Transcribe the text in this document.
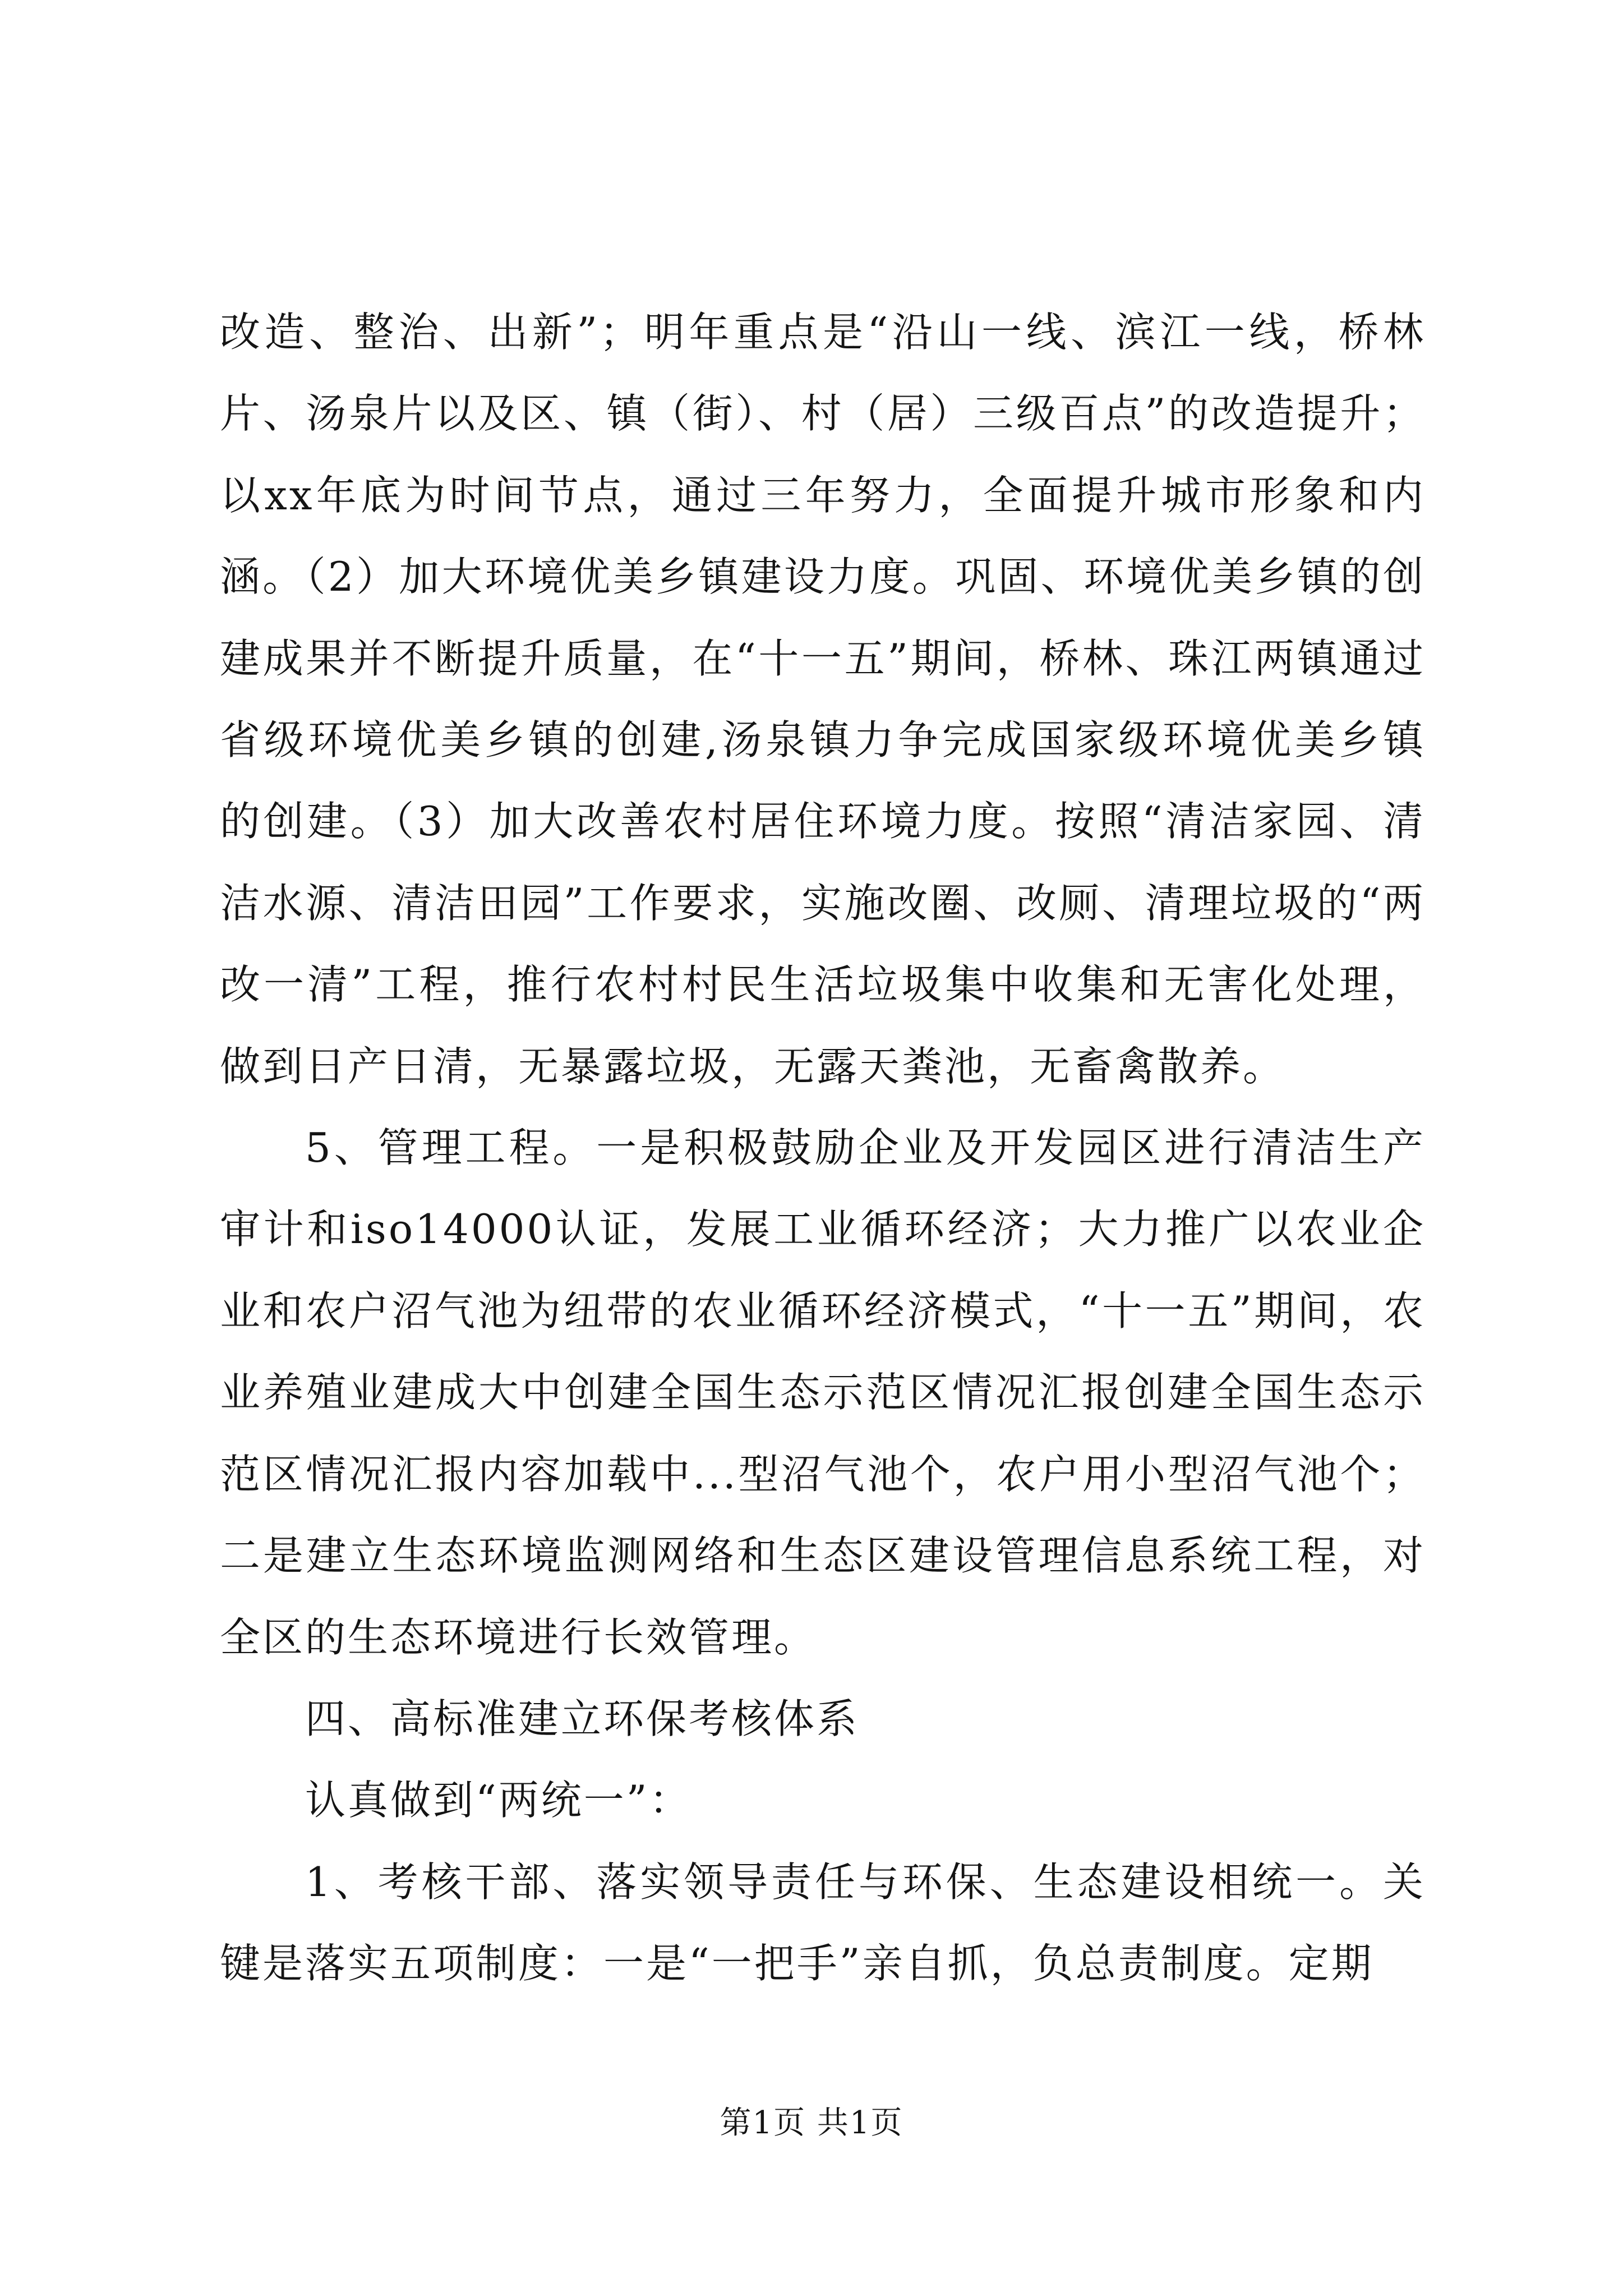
改造、整治、出新”；明年重点是“沿山一线、滨江一线，桥林片、汤泉片以及区、镇（街）、村（居）三级百点”的改造提升；以xx年底为时间节点，通过三年努力，全面提升城市形象和内涵。（2）加大环境优美乡镇建设力度。巩固、环境优美乡镇的创建成果并不断提升质量，在“十一五”期间，桥林、珠江两镇通过省级环境优美乡镇的创建,汤泉镇力争完成国家级环境优美乡镇的创建。（3）加大改善农村居住环境力度。按照“清洁家园、清洁水源、清洁田园”工作要求，实施改圈、改厕、清理垃圾的“两改一清”工程，推行农村村民生活垃圾集中收集和无害化处理，做到日产日清，无暴露垃圾，无露天粪池，无畜禽散养。

5、管理工程。一是积极鼓励企业及开发园区进行清洁生产审计和iso14000认证，发展工业循环经济；大力推广以农业企业和农户沼气池为纽带的农业循环经济模式，“十一五”期间，农业养殖业建成大中创建全国生态示范区情况汇报创建全国生态示范区情况汇报内容加载中...型沼气池个，农户用小型沼气池个；二是建立生态环境监测网络和生态区建设管理信息系统工程，对全区的生态环境进行长效管理。

四、高标准建立环保考核体系

认真做到“两统一”：

1、考核干部、落实领导责任与环保、生态建设相统一。关键是落实五项制度：一是“一把手”亲自抓，负总责制度。定期

第1页 共1页
